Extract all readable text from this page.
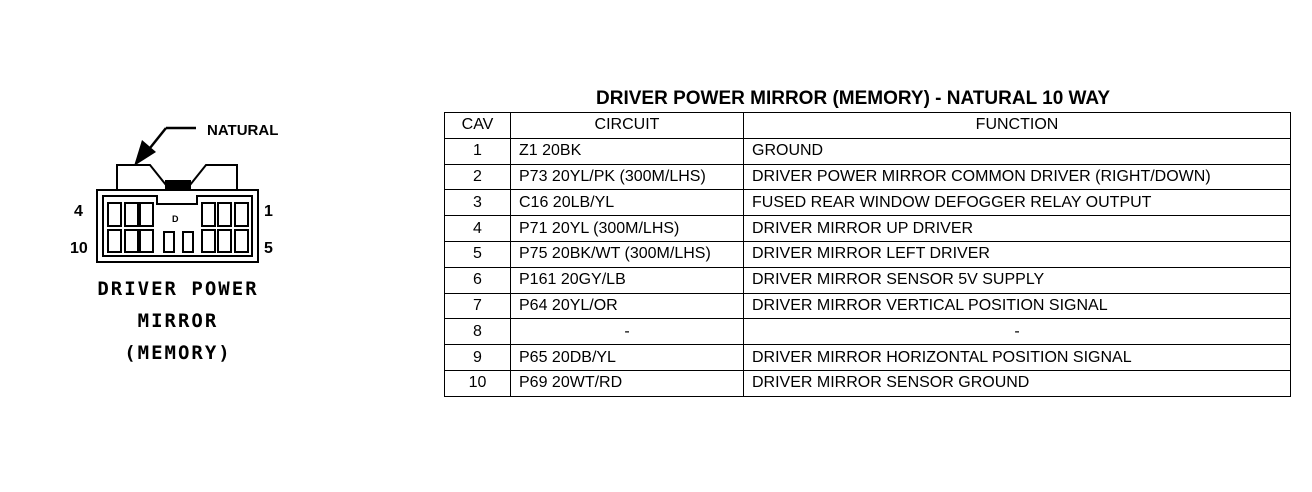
NATURAL
D
4
10
1
5
DRIVER POWER
MIRROR
(MEMORY)
DRIVER POWER MIRROR (MEMORY) - NATURAL 10 WAY
CAV	CIRCUIT	FUNCTION
1	Z1 20BK	GROUND
2	P73 20YL/PK (300M/LHS)	DRIVER POWER MIRROR COMMON DRIVER (RIGHT/DOWN)
3	C16 20LB/YL	FUSED REAR WINDOW DEFOGGER RELAY OUTPUT
4	P71 20YL (300M/LHS)	DRIVER MIRROR UP DRIVER
5	P75 20BK/WT (300M/LHS)	DRIVER MIRROR LEFT DRIVER
6	P161 20GY/LB	DRIVER MIRROR SENSOR 5V SUPPLY
7	P64 20YL/OR	DRIVER MIRROR VERTICAL POSITION SIGNAL
8	-	-
9	P65 20DB/YL	DRIVER MIRROR HORIZONTAL POSITION SIGNAL
10	P69 20WT/RD	DRIVER MIRROR SENSOR GROUND
